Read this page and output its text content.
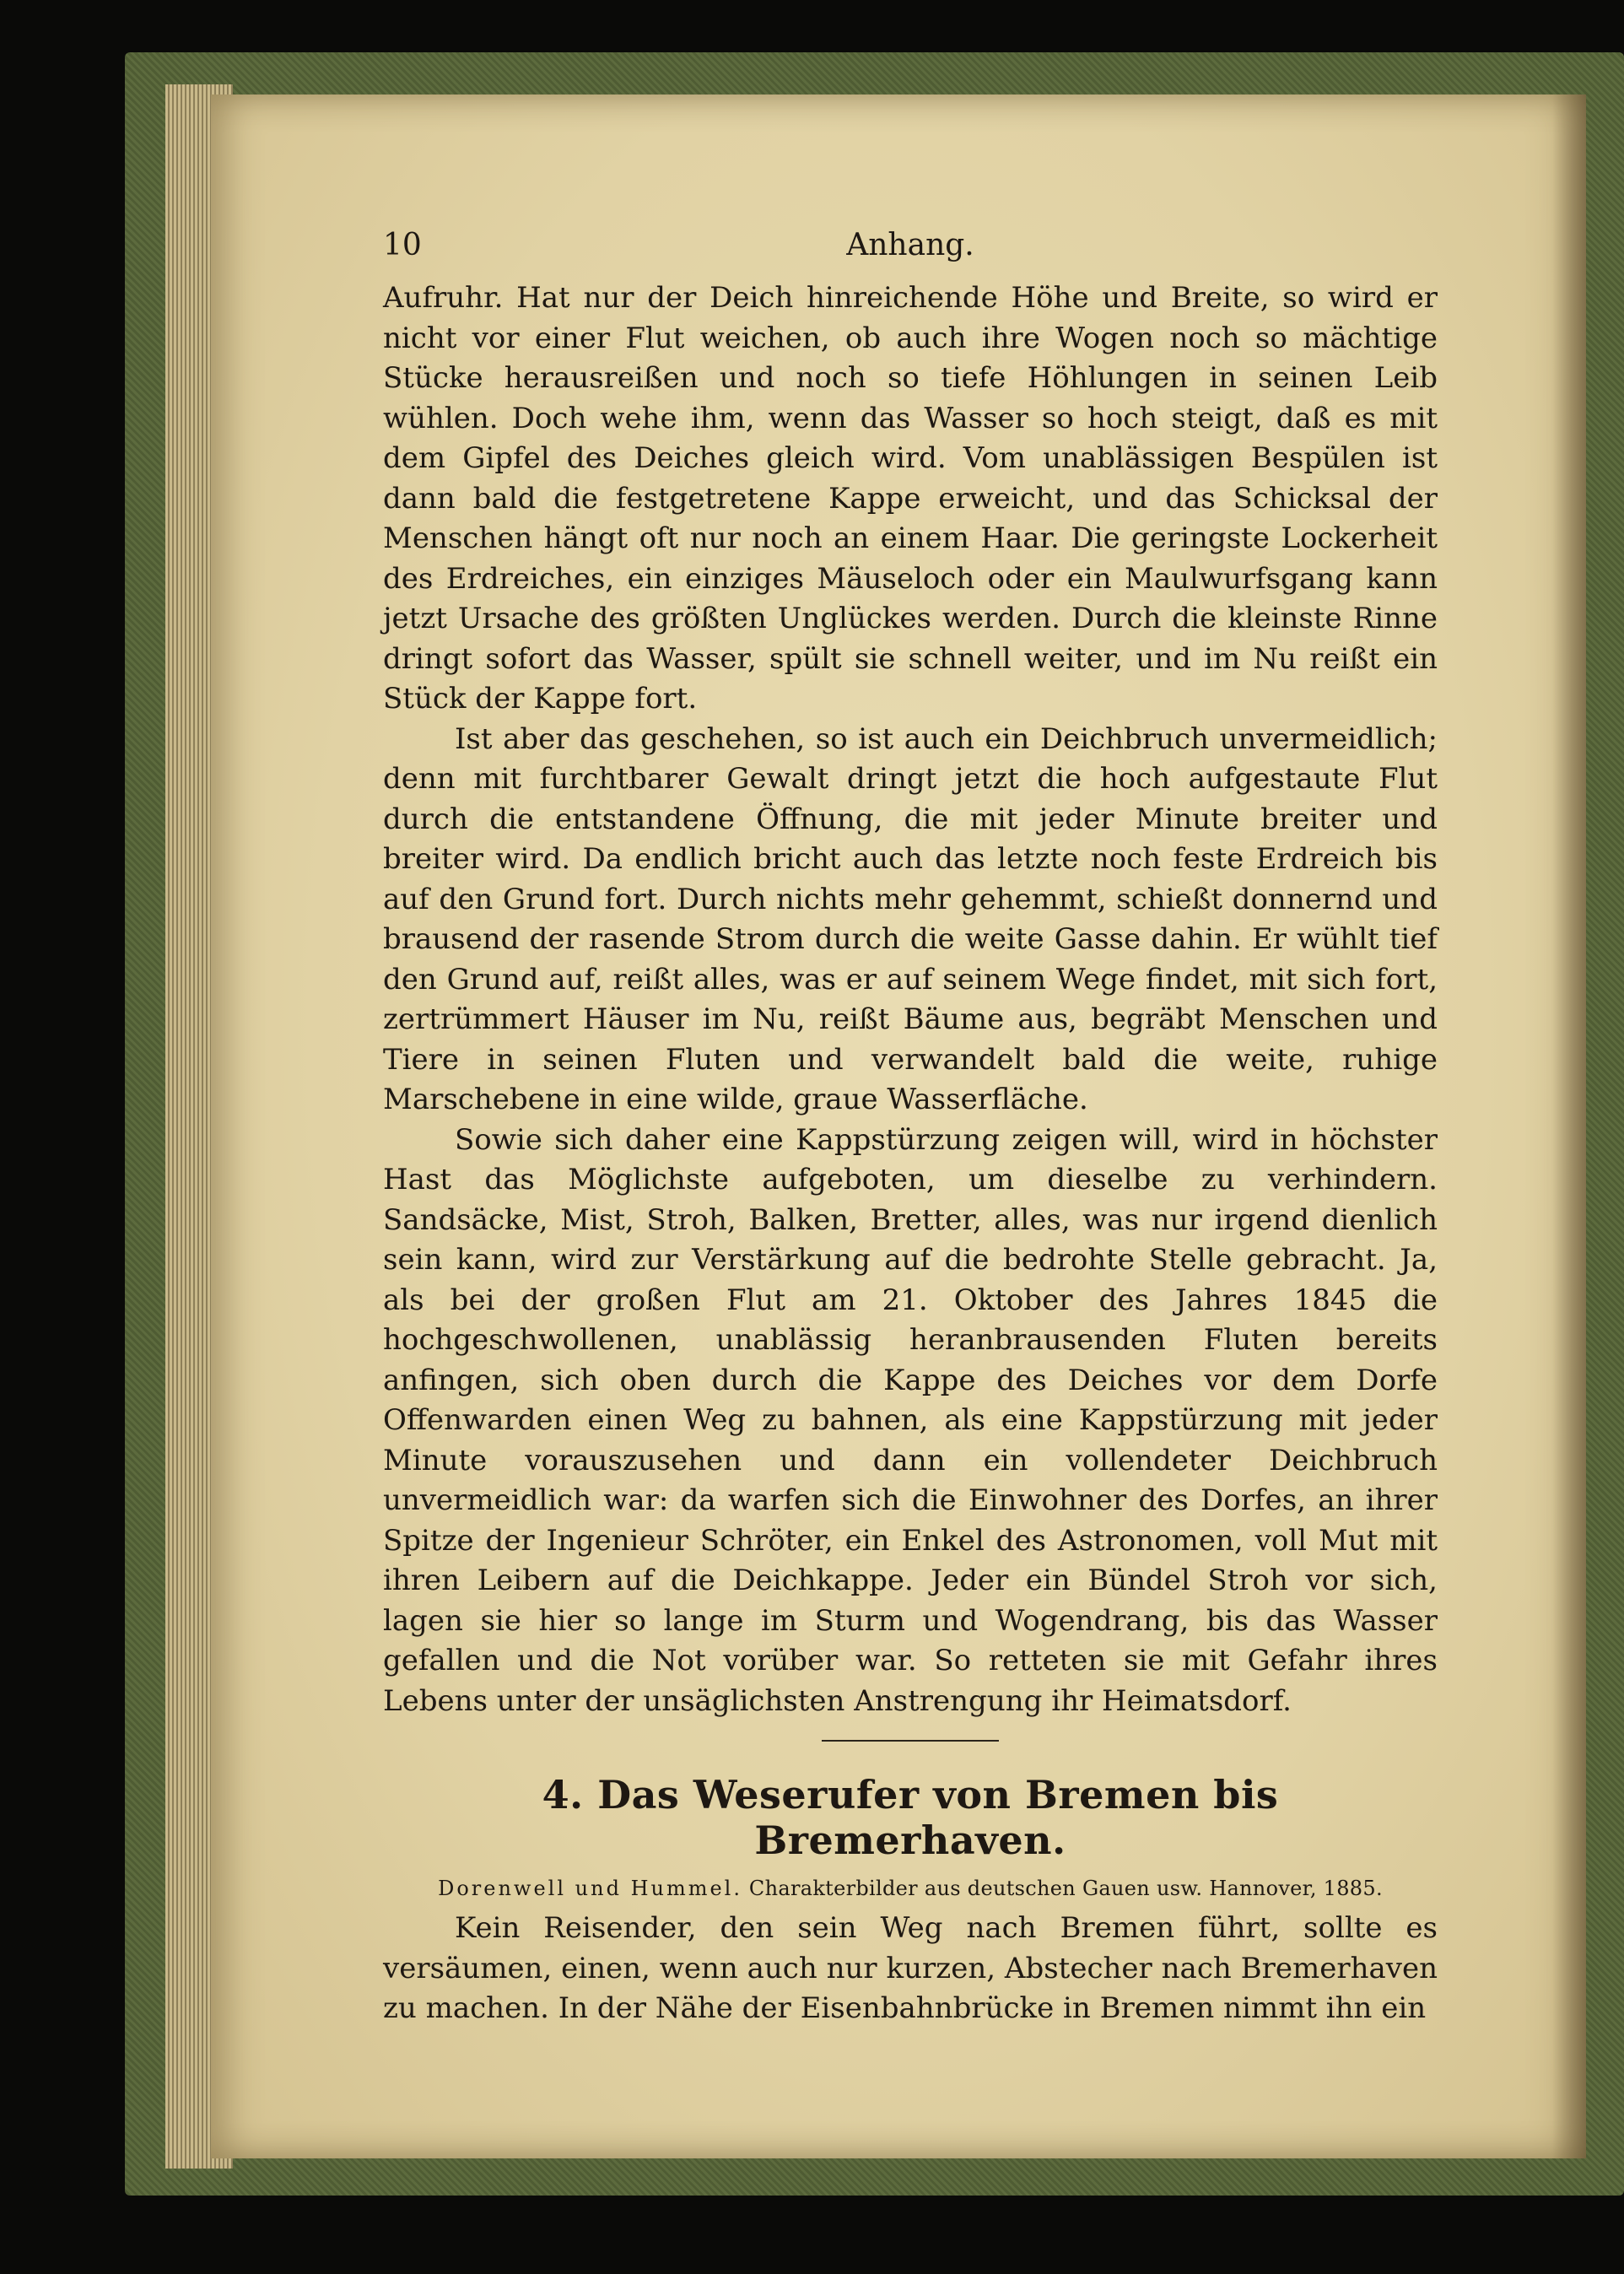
10	Anhang.

Aufruhr. Hat nur der Deich hinreichende Höhe und Breite, so wird er nicht vor einer Flut weichen, ob auch ihre Wogen noch so mächtige Stücke herausreißen und noch so tiefe Höhlungen in seinen Leib wühlen. Doch wehe ihm, wenn das Wasser so hoch steigt, daß es mit dem Gipfel des Deiches gleich wird. Vom unablässigen Bespülen ist dann bald die festgetretene Kappe erweicht, und das Schicksal der Menschen hängt oft nur noch an einem Haar. Die geringste Lockerheit des Erdreiches, ein einziges Mäuseloch oder ein Maulwurfsgang kann jetzt Ursache des größten Unglückes werden. Durch die kleinste Rinne dringt sofort das Wasser, spült sie schnell weiter, und im Nu reißt ein Stück der Kappe fort.

Ist aber das geschehen, so ist auch ein Deichbruch unvermeidlich; denn mit furchtbarer Gewalt dringt jetzt die hoch aufgestaute Flut durch die entstandene Öffnung, die mit jeder Minute breiter und breiter wird. Da endlich bricht auch das letzte noch feste Erdreich bis auf den Grund fort. Durch nichts mehr gehemmt, schießt donnernd und brausend der rasende Strom durch die weite Gasse dahin. Er wühlt tief den Grund auf, reißt alles, was er auf seinem Wege findet, mit sich fort, zertrümmert Häuser im Nu, reißt Bäume aus, begräbt Menschen und Tiere in seinen Fluten und verwandelt bald die weite, ruhige Marschebene in eine wilde, graue Wasserfläche.

Sowie sich daher eine Kappstürzung zeigen will, wird in höchster Hast das Möglichste aufgeboten, um dieselbe zu verhindern. Sandsäcke, Mist, Stroh, Balken, Bretter, alles, was nur irgend dienlich sein kann, wird zur Verstärkung auf die bedrohte Stelle gebracht. Ja, als bei der großen Flut am 21. Oktober des Jahres 1845 die hochgeschwollenen, unablässig heranbrausenden Fluten bereits anfingen, sich oben durch die Kappe des Deiches vor dem Dorfe Offenwarden einen Weg zu bahnen, als eine Kappstürzung mit jeder Minute vorauszusehen und dann ein vollendeter Deichbruch unvermeidlich war: da warfen sich die Einwohner des Dorfes, an ihrer Spitze der Ingenieur Schröter, ein Enkel des Astronomen, voll Mut mit ihren Leibern auf die Deichkappe. Jeder ein Bündel Stroh vor sich, lagen sie hier so lange im Sturm und Wogendrang, bis das Wasser gefallen und die Not vorüber war. So retteten sie mit Gefahr ihres Lebens unter der unsäglichsten Anstrengung ihr Heimatsdorf.

4. Das Weserufer von Bremen bis Bremerhaven.
Dorenwell und Hummel. Charakterbilder aus deutschen Gauen usw. Hannover, 1885.

Kein Reisender, den sein Weg nach Bremen führt, sollte es versäumen, einen, wenn auch nur kurzen, Abstecher nach Bremerhaven zu machen. In der Nähe der Eisenbahnbrücke in Bremen nimmt ihn ein
